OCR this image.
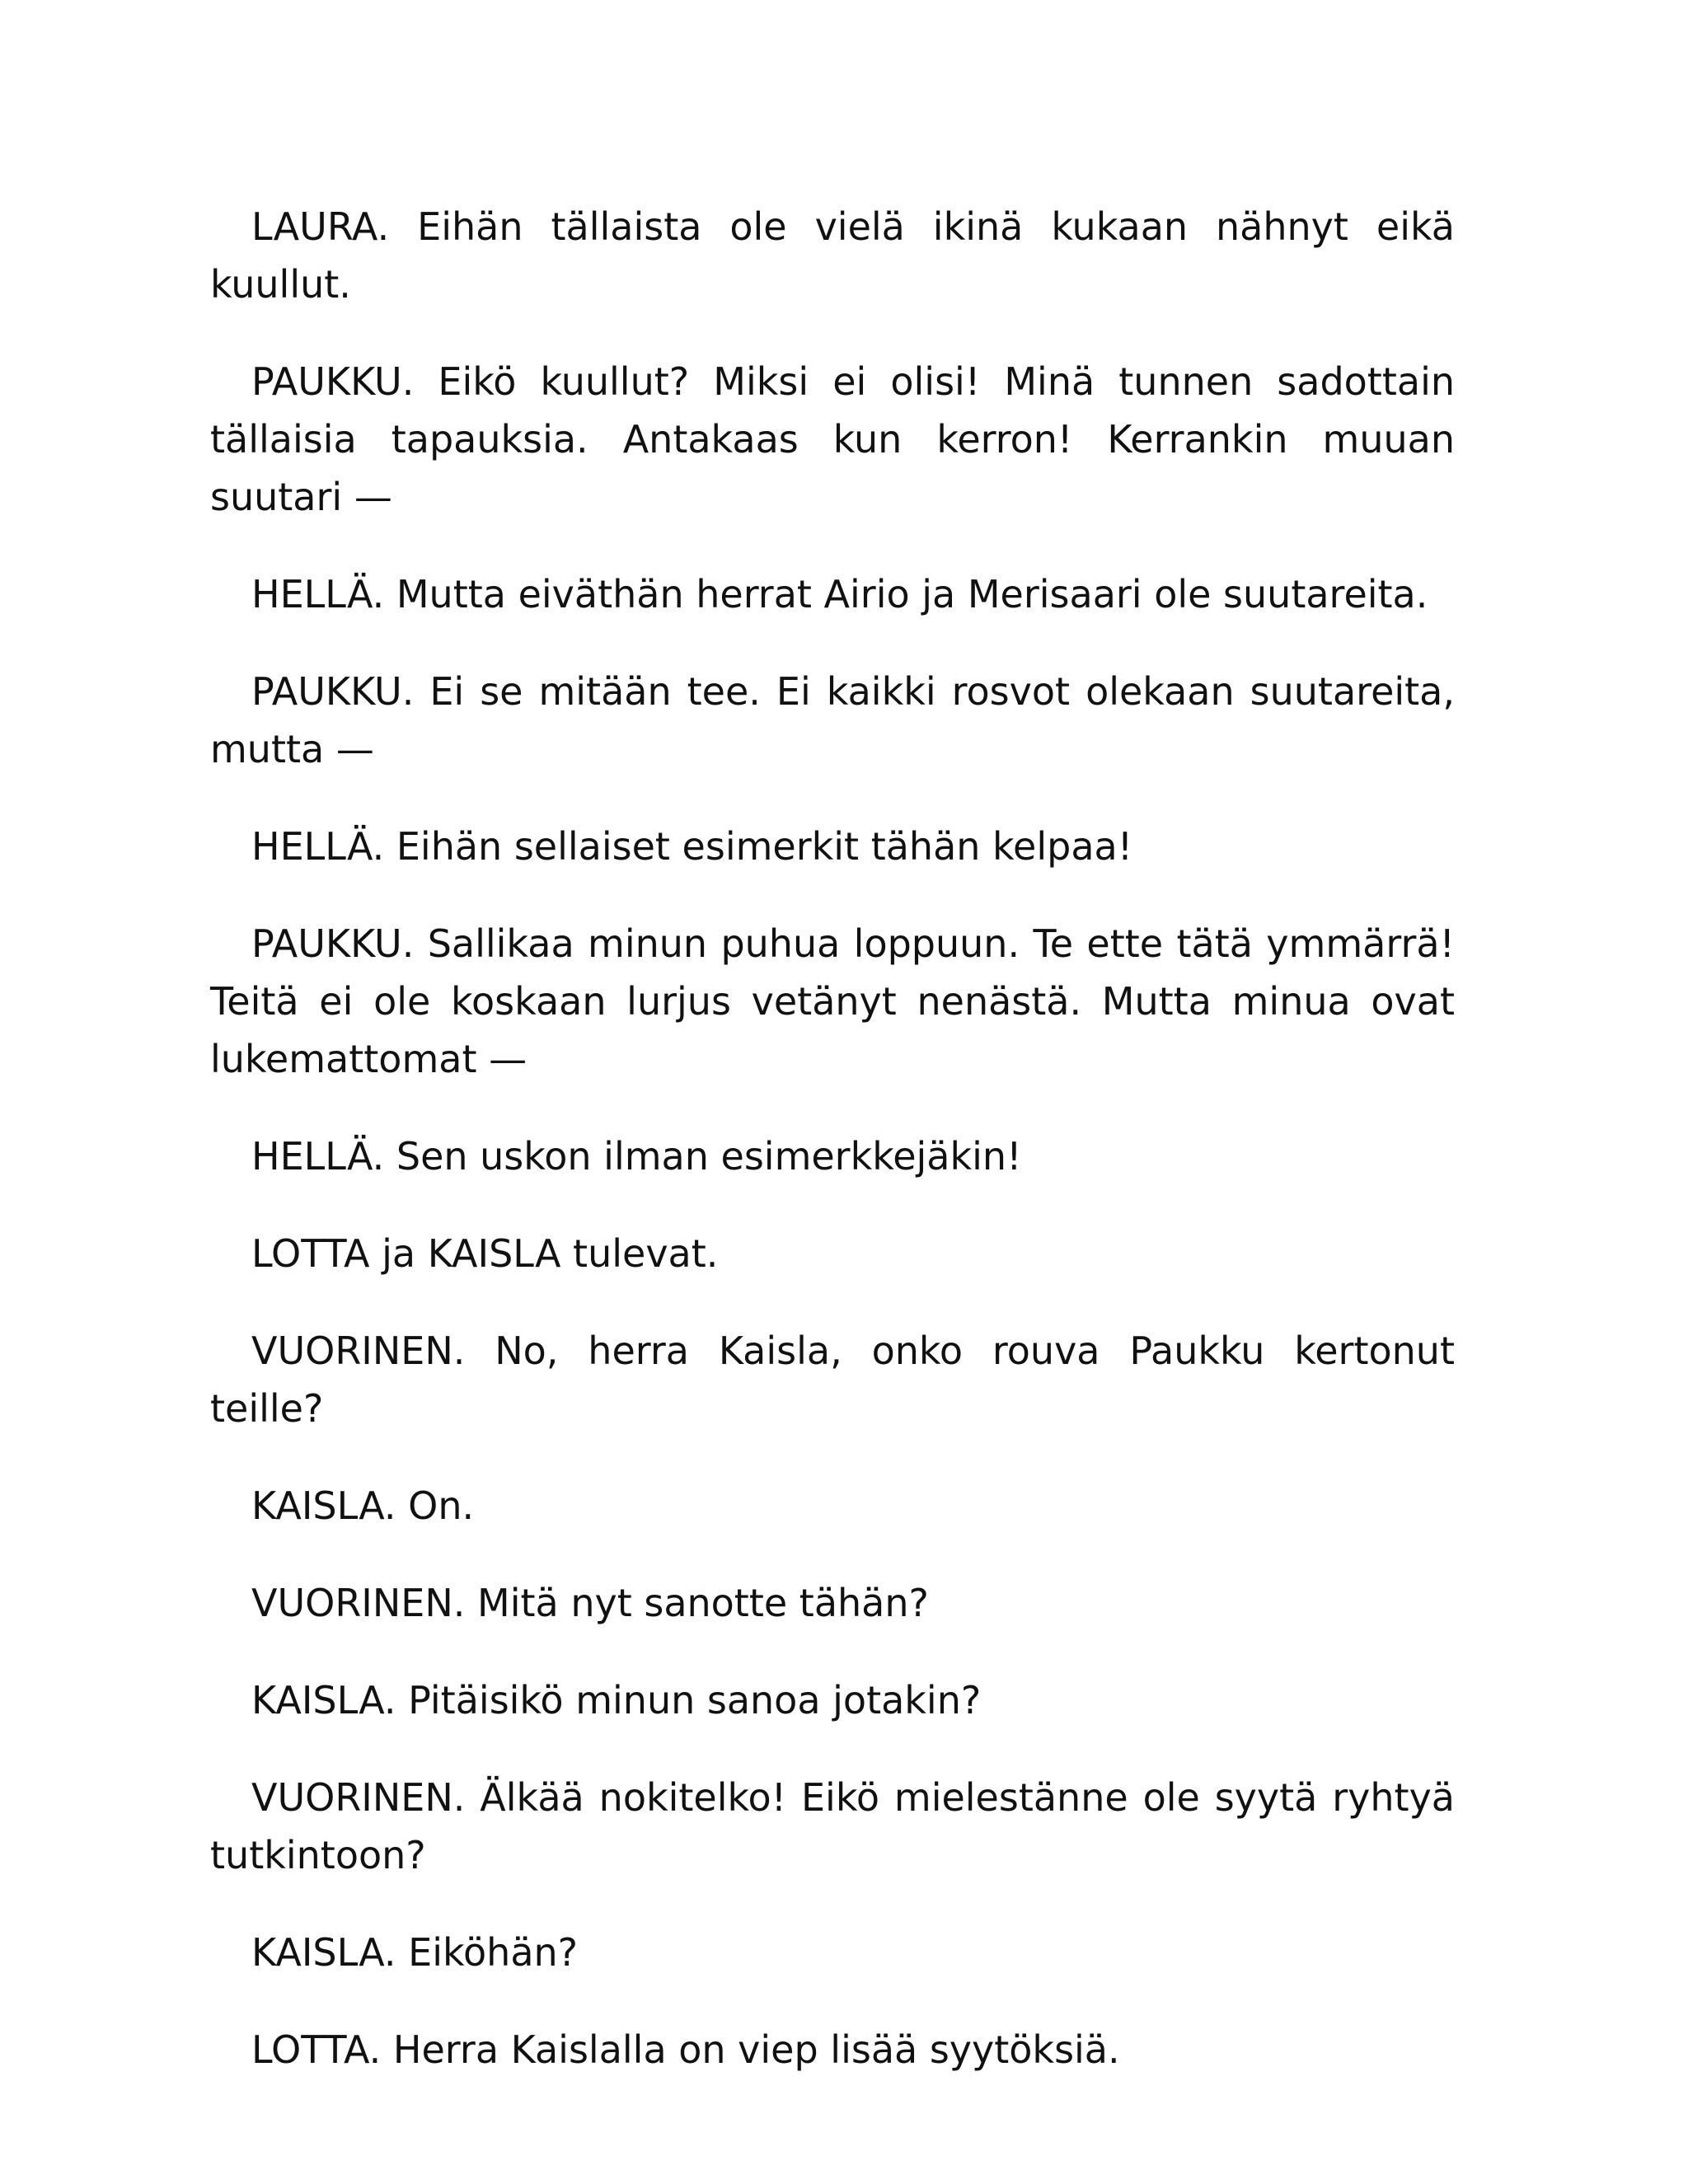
LAURA. Eihän tällaista ole vielä ikinä kukaan nähnyt eikä kuullut.

PAUKKU. Eikö kuullut? Miksi ei olisi! Minä tunnen sadottain tällaisia tapauksia. Antakaas kun kerron! Kerrankin muuan suutari —

HELLÄ. Mutta eiväthän herrat Airio ja Merisaari ole suutareita.

PAUKKU. Ei se mitään tee. Ei kaikki rosvot olekaan suutareita, mutta —

HELLÄ. Eihän sellaiset esimerkit tähän kelpaa!

PAUKKU. Sallikaa minun puhua loppuun. Te ette tätä ymmärrä! Teitä ei ole koskaan lurjus vetänyt nenästä. Mutta minua ovat lukemattomat —

HELLÄ. Sen uskon ilman esimerkkejäkin!

LOTTA ja KAISLA tulevat.

VUORINEN. No, herra Kaisla, onko rouva Paukku kertonut teille?

KAISLA. On.

VUORINEN. Mitä nyt sanotte tähän?

KAISLA. Pitäisikö minun sanoa jotakin?

VUORINEN. Älkää nokitelko! Eikö mielestänne ole syytä ryhtyä tutkintoon?

KAISLA. Eiköhän?

LOTTA. Herra Kaislalla on viep lisää syytöksiä.
